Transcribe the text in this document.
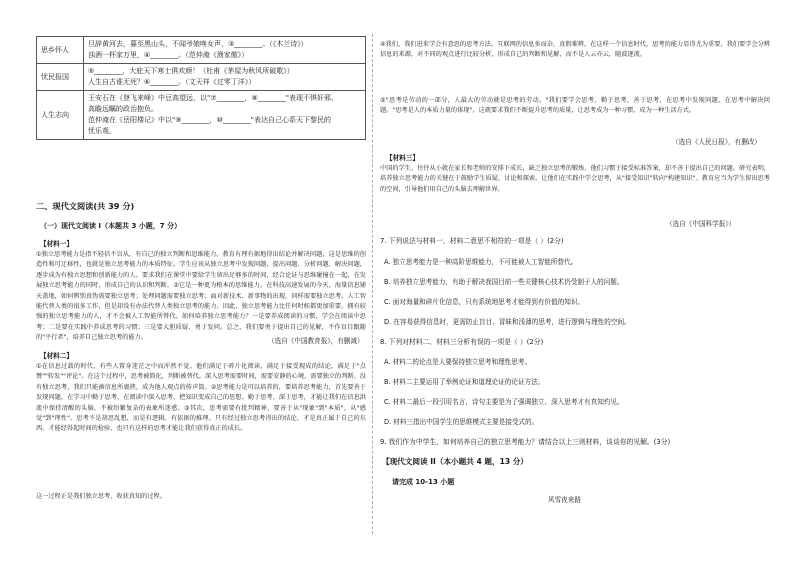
思乡怀人	旦辞黄河去，暮至黑山头，不闻爷娘唤女声，③________。（《木兰诗》）
浊酒一杯家万里，④________。（范仲淹《渔家傲》）

忧民报国	⑤________，大庇天下寒士俱欢颜！（杜甫《茅屋为秋风所破歌》）
人生自古谁无死？⑥________。（文天祥《过零丁洋》）

人生志向	王安石在《登飞来峰》中豆高望远，以"⑦________，⑧________"表现不惧奸邪、
高瞻远瞩的政治抱负。
范仲淹在《岳阳楼记》中以"⑨________，⑩________"表达自己心系天下黎民的
忧乐观。
二、现代文阅读(共 39 分)
（一）现代文阅读 I（本题共 3 小题，7 分）
【材料一】
①独立思考能力是指不轻信不盲从，有自己的独立判断和思维能力。教育有理有据地得出结论并解决问题，这是思维的创造性和可迁移性，也就是独立思考能力的本质特征。学生应该从独立思考中发现问题、提出问题、分析问题、解决问题，逐步成为有独立思想和创新能力的人。要求我们在课堂中要给学生留出足够多的时间，经合论证与思维碰撞在一起，在发展独立思考能力的同时，形成自己的认识和判断。②它是一种更为根本的思维能力。在科技高速发展的今天，海量信息铺天盖地，如何辨别真伪需要独立思考；处理问题需要独立思考；面对新技术、新事物的出现，同样需要独立思考。人工智能代替人类的很多工作，但是却没有办法代替人类独立思考的能力。因此，独立思考能力比任何时候都更加重要。拥有较强的独立思考能力的人，才不会被人工智能所替代。如何培养独立思考能力？一是要养成阅读的习惯，学会在阅读中思考；二是要在实践中养成思考的习惯；三是要大胆质疑、勇于发问。总之，我们要勇于提出自己的见解，不作盲目跟随的"平行者"，培养自己独立思考的能力。	（选自《中国教育报》，有删减）
【材料二】
①在信息过载的时代，有些人置身迷茫之中而浑然不觉。他们满足于碎片化阅读，满足于接受现成的结论，满足于"点赞""转发""评论"。在这个过程中，思考被简化，判断被替代。深入思考需要时间，需要安静的心境，需要独立的判断。没有独立思考，我们只能被信息所裹挟，成为他人观点的传声筒。②思考能力是可以培养的，要培养思考能力，首先要善于发现问题，在学习中勤于思考，在阅读中深入思考，把知识变成自己的思想。勤于思考、深于思考，才能让我们在信息洪流中保持清醒的头脑，不被纷繁复杂的表象所迷惑。③其次，思考需要有批判精神，要善于从"现象"到"本质"，从"感觉"到"理性"。思考不是胡思乱想，而是有逻辑、有依据的推理。只有经过独立思考得出的结论，才是真正属于自己的东西，才能经得起时间的检验，也只有这样的思考才能让我们获得真正的成长。
这一过程正是我们独立思考、收获真知的过程。
④我们，我们进来学会有意思的思考方法。互联网的信息多而杂，真假难辨，在这样一个信息时代，思考的能力显得尤为重要。我们要学会分辨信息的来源，对不同的观点进行比较分析，形成自己的判断和见解，而不是人云亦云，随波逐流。
⑤"思考是劳动的一部分，人最大的劳动就是思考的劳动。"我们要学会思考，勤于思考，善于思考，在思考中发现问题，在思考中解决问题。"思考是人的本质力量的体现"，这就要求我们不断提升思考的质量，让思考成为一种习惯，成为一种生活方式。
（选自《人民日报》，有删改）
【材料三】
中国的学生，往往从小就在家长和老师的安排下成长，缺乏独立思考的锻炼。他们习惯于接受标准答案，却不善于提出自己的问题。研究表明，培养独立思考能力的关键在于鼓励学生质疑、讨论和探索，让他们在实践中学会思考，从"接受知识"转向"构建知识"。教育应当为学生留出思考的空间，引导他们用自己的头脑去理解世界。
（选自《中国科学报》）
7. 下列说法与材料一、材料二意思不相符的一项是（ ）(2分)
A. 独立思考能力是一种高阶思维能力，不可能被人工智能所替代。
B. 培养独立思考能力，有助于解决我国目前一些关键核心技术仍受制于人的问题。
C. 面对海量和碎片化信息，只有系统地思考才能得到有价值的知识。
D. 在容易获得信息时，更需防止盲目、冒昧和浅薄的思考，进行逻辑与理性的空间。
8. 下列对材料二、材料三分析有误的一项是（ ）(2分)
A. 材料二的论点是人要保持独立思考和理性思考。
B. 材料二主要运用了举例论证和道理论证的论证方法。
C. 材料二最后一段引用名言，诗句主要是为了强调独立、深入思考才有真知灼见。
D. 材料三指出中国学生的思维模式主要是接受式的。
9. 我们作为中学生，如何培养自己的独立思考能力？请结合以上三则材料，谈谈你的见解。(3分)
【现代文阅读 II（本小题共 4 题，13 分）
请完成 10-13 小题
风雪夜来路
